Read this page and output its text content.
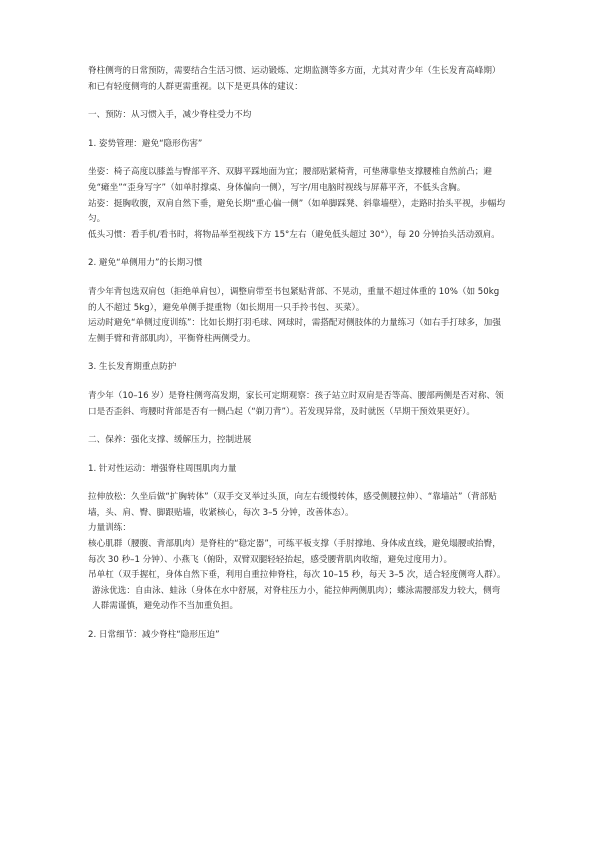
脊柱侧弯的日常预防，需要结合生活习惯、运动锻炼、定期监测等多方面，尤其对青少年（生长发育高峰期）和已有轻度侧弯的人群更需重视。以下是更具体的建议：

一、预防：从习惯入手，减少脊柱受力不均

1. 姿势管理：避免“隐形伤害”

坐姿：椅子高度以膝盖与臀部平齐、双脚平踩地面为宜；腰部贴紧椅背，可垫薄靠垫支撑腰椎自然前凸；避免“瘫坐”“歪身写字”（如单肘撑桌、身体偏向一侧），写字/用电脑时视线与屏幕平齐，不低头含胸。

站姿：挺胸收腹，双肩自然下垂，避免长期“重心偏一侧”（如单脚踩凳、斜靠墙壁），走路时抬头平视，步幅均匀。

低头习惯：看手机/看书时，将物品举至视线下方 15°左右（避免低头超过 30°），每 20 分钟抬头活动颈肩。

2. 避免“单侧用力”的长期习惯

青少年背包选双肩包（拒绝单肩包），调整肩带至书包紧贴背部、不晃动，重量不超过体重的 10%（如 50kg 的人不超过 5kg），避免单侧手提重物（如长期用一只手拎书包、买菜）。

运动时避免“单侧过度训练”：比如长期打羽毛球、网球时，需搭配对侧肢体的力量练习（如右手打球多，加强左侧手臂和背部肌肉），平衡脊柱两侧受力。

3. 生长发育期重点防护

青少年（10–16 岁）是脊柱侧弯高发期，家长可定期观察：孩子站立时双肩是否等高、腰部两侧是否对称、领口是否歪斜、弯腰时背部是否有一侧凸起（“剃刀背”）。若发现异常，及时就医（早期干预效果更好）。

二、保养：强化支撑、缓解压力，控制进展

1. 针对性运动：增强脊柱周围肌肉力量

拉伸放松：久坐后做“扩胸转体”（双手交叉举过头顶，向左右缓慢转体，感受侧腰拉伸）、“靠墙站”（背部贴墙，头、肩、臀、脚跟贴墙，收紧核心，每次 3–5 分钟，改善体态）。

力量训练：

核心肌群（腰腹、背部肌肉）是脊柱的“稳定器”，可练平板支撑（手肘撑地、身体成直线，避免塌腰或抬臀，每次 30 秒–1 分钟）、小燕飞（俯卧，双臂双腿轻轻抬起，感受腰背肌肉收缩，避免过度用力）。

吊单杠（双手握杠，身体自然下垂，利用自重拉伸脊柱，每次 10–15 秒，每天 3–5 次，适合轻度侧弯人群）。

游泳优选：自由泳、蛙泳（身体在水中舒展，对脊柱压力小，能拉伸两侧肌肉）；蝶泳需腰部发力较大，侧弯人群需谨慎，避免动作不当加重负担。

2. 日常细节：减少脊柱“隐形压迫”
